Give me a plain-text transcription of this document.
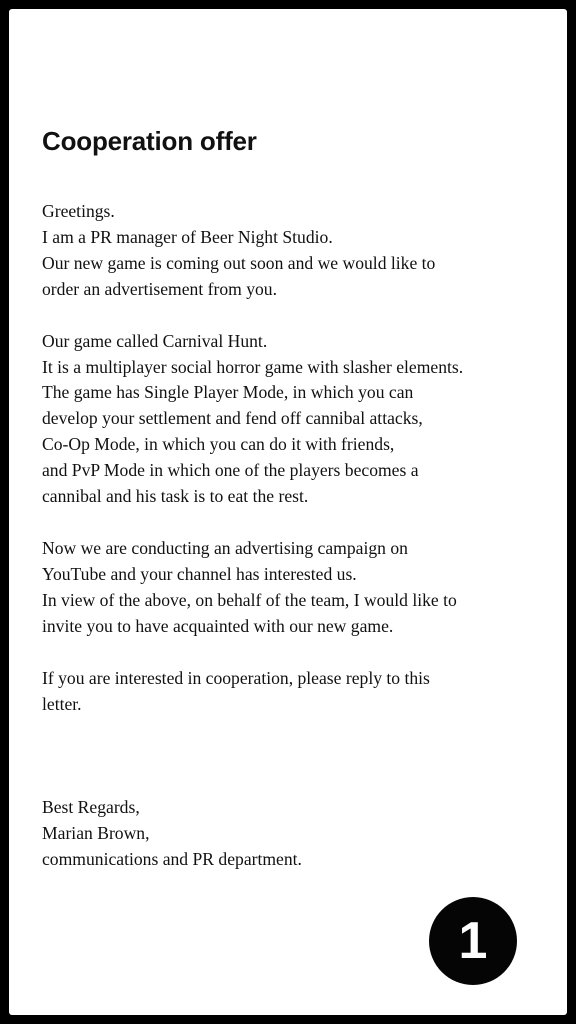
Cooperation offer
Greetings.
I am a PR manager of Beer Night Studio.
Our new game is coming out soon and we would like to
order an advertisement from you.
Our game called Carnival Hunt.
It is a multiplayer social horror game with slasher elements.
The game has Single Player Mode, in which you can
develop your settlement and fend off cannibal attacks,
Co-Op Mode, in which you can do it with friends,
and PvP Mode in which one of the players becomes a
cannibal and his task is to eat the rest.
Now we are conducting an advertising campaign on
YouTube and your channel has interested us.
In view of the above, on behalf of the team, I would like to
invite you to have acquainted with our new game.
If you are interested in cooperation, please reply to this
letter.
Best Regards,
Marian Brown,
communications and PR department.
1
